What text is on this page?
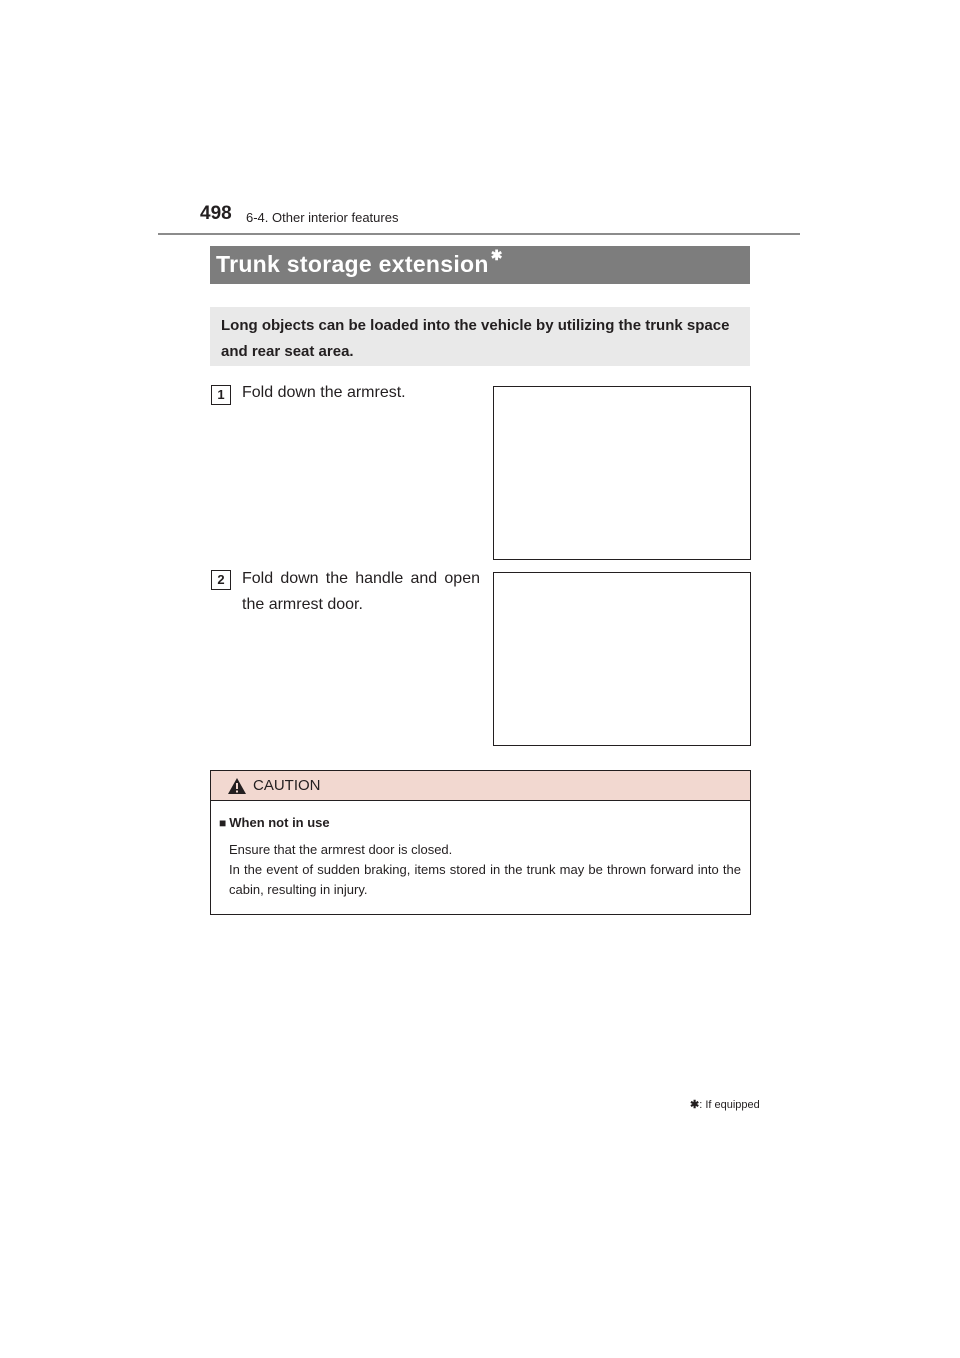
498 6-4. Other interior features
Trunk storage extension ✱
Long objects can be loaded into the vehicle by utilizing the trunk space and rear seat area.
1	Fold down the armrest.
2	Fold down the handle and open the armrest door.
CAUTION
■ When not in use
Ensure that the armrest door is closed.
In the event of sudden braking, items stored in the trunk may be thrown forward into the cabin, resulting in injury.
✱: If equipped
